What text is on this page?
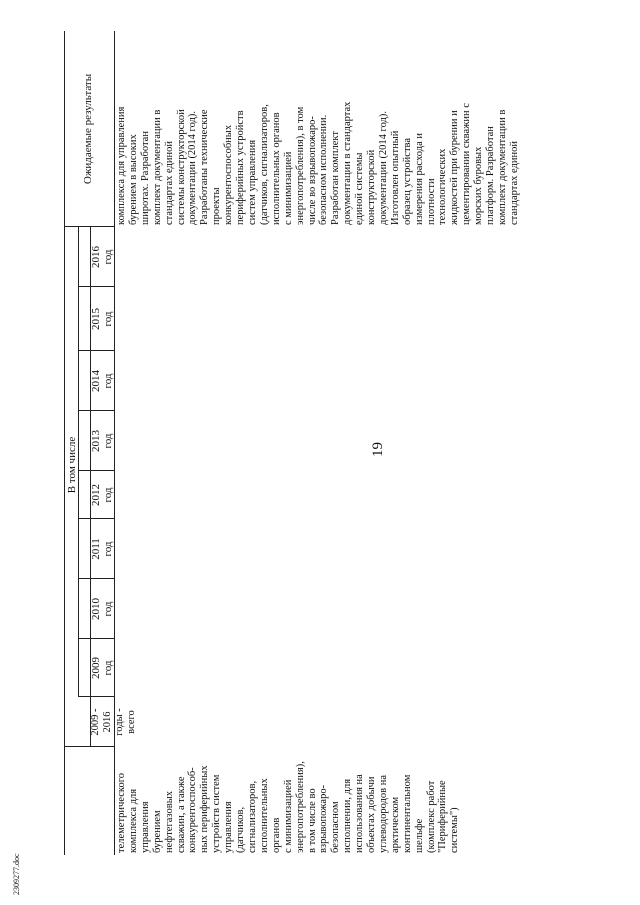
19
2009 - 2016
годы - всего
В том числе
2009
год
2010
год
2011
год
2012
год
2013
год
2014
год
2015
год
2016
год
Ожидаемые результаты
телеметрического
комплекса для
управления
бурением
нефтегазовых
скважин, а также
конкурентоспособ-
ных периферийных
устройств систем
управления
(датчиков,
сигнализаторов,
исполнительных
органов
с минимизацией
энергопотребления),
в том числе во
взрывопожаро-
безопасном
исполнении, для
использования на
объектах добычи
углеводородов на
арктическом
континентальном
шельфе
(комплекс работ
"Периферийные
системы")
комплекса для управления
бурением в высоких
широтах. Разработан
комплект документации в
стандартах единой
системы конструкторской
документации (2014 год).
Разработаны технические
проекты
конкурентоспособных
периферийных устройств
систем управления
(датчиков, сигнализаторов,
исполнительных органов
с минимизацией
энергопотребления), в том
числе во взрывопожаро-
безопасном исполнении.
Разработан комплект
документации в стандартах
единой системы
конструкторской
документации (2014 год).
Изготовлен опытный
образец устройства
измерения расхода и
плотности
технологических
жидкостей при бурении и
цементировании скважин с
морских буровых
платформ. Разработан
комплект документации в
стандартах единой
2309277.doc
